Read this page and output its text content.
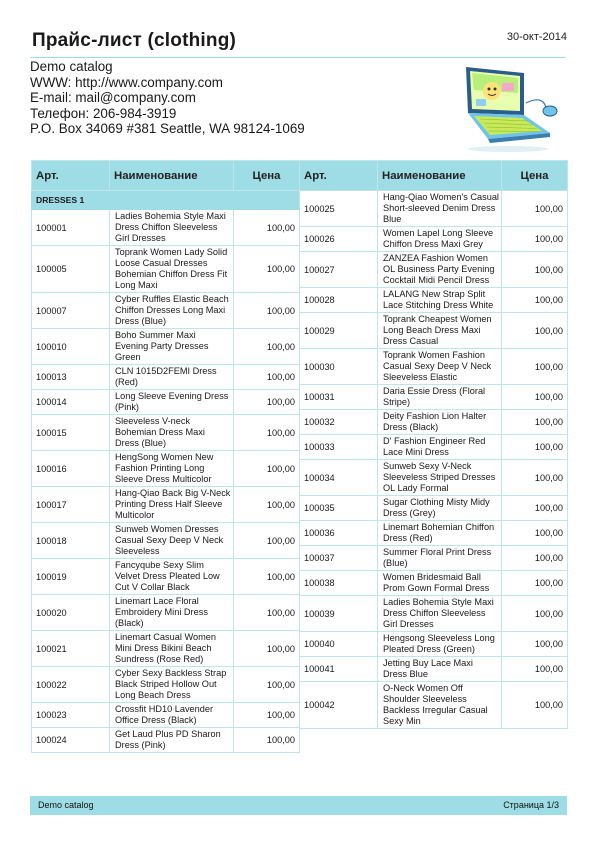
Прайс-лист (clothing)	30-окт-2014
Demo catalog
WWW: http://www.company.com
E-mail: mail@company.com
Телефон: 206-984-3919
P.O. Box 34069 #381 Seattle, WA 98124-1069
Арт.	Наименование	Цена
DRESSES 1		
100001	Ladies Bohemia Style Maxi Dress Chiffon Sleeveless Girl Dresses	100,00
100005	Toprank Women Lady Solid Loose Casual Dresses Bohemian Chiffon Dress Fit Long Maxi	100,00
100007	Cyber Ruffles Elastic Beach Chiffon Dresses Long Maxi Dress (Blue)	100,00
100010	Boho Summer Maxi Evening Party Dresses Green	100,00
100013	CLN 1015D2FEMI Dress (Red)	100,00
100014	Long Sleeve Evening Dress (Pink)	100,00
100015	Sleeveless V-neck Bohemian Dress Maxi Dress (Blue)	100,00
100016	HengSong Women New Fashion Printing Long Sleeve Dress Multicolor	100,00
100017	Hang-Qiao Back Big V-Neck Printing Dress Half Sleeve Multicolor	100,00
100018	Sunweb Women Dresses Casual Sexy Deep V Neck Sleeveless	100,00
100019	Fancyqube Sexy Slim Velvet Dress Pleated Low Cut V Collar Black	100,00
100020	Linemart Lace Floral Embroidery Mini Dress (Black)	100,00
100021	Linemart Casual Women Mini Dress Bikini Beach Sundress (Rose Red)	100,00
100022	Cyber Sexy Backless Strap Black Striped Hollow Out Long Beach Dress	100,00
100023	Crossfit HD10 Lavender Office Dress (Black)	100,00
100024	Get Laud Plus PD Sharon Dress (Pink)	100,00
Арт.	Наименование	Цена
100025	Hang-Qiao Women's Casual Short-sleeved Denim Dress Blue	100,00
100026	Women Lapel Long Sleeve Chiffon Dress Maxi Grey	100,00
100027	ZANZEA Fashion Women OL Business Party Evening Cocktail Midi Pencil Dress	100,00
100028	LALANG New Strap Split Lace Stitching Dress White	100,00
100029	Toprank Cheapest Women Long Beach Dress Maxi Dress Casual	100,00
100030	Toprank Women Fashion Casual Sexy Deep V Neck Sleeveless Elastic	100,00
100031	Daria Essie Dress (Floral Stripe)	100,00
100032	Deity Fashion Lion Halter Dress (Black)	100,00
100033	D' Fashion Engineer Red Lace Mini Dress	100,00
100034	Sunweb Sexy V-Neck Sleeveless Striped Dresses OL Lady Formal	100,00
100035	Sugar Clothing Misty Midy Dress (Grey)	100,00
100036	Linemart Bohemian Chiffon Dress (Red)	100,00
100037	Summer Floral Print Dress (Blue)	100,00
100038	Women Bridesmaid Ball Prom Gown Formal Dress	100,00
100039	Ladies Bohemia Style Maxi Dress Chiffon Sleeveless Girl Dresses	100,00
100040	Hengsong Sleeveless Long Pleated Dress (Green)	100,00
100041	Jetting Buy Lace Maxi Dress Blue	100,00
100042	O-Neck Women Off Shoulder Sleeveless Backless Irregular Casual Sexy Min	100,00
Demo catalog	Страница 1/3
